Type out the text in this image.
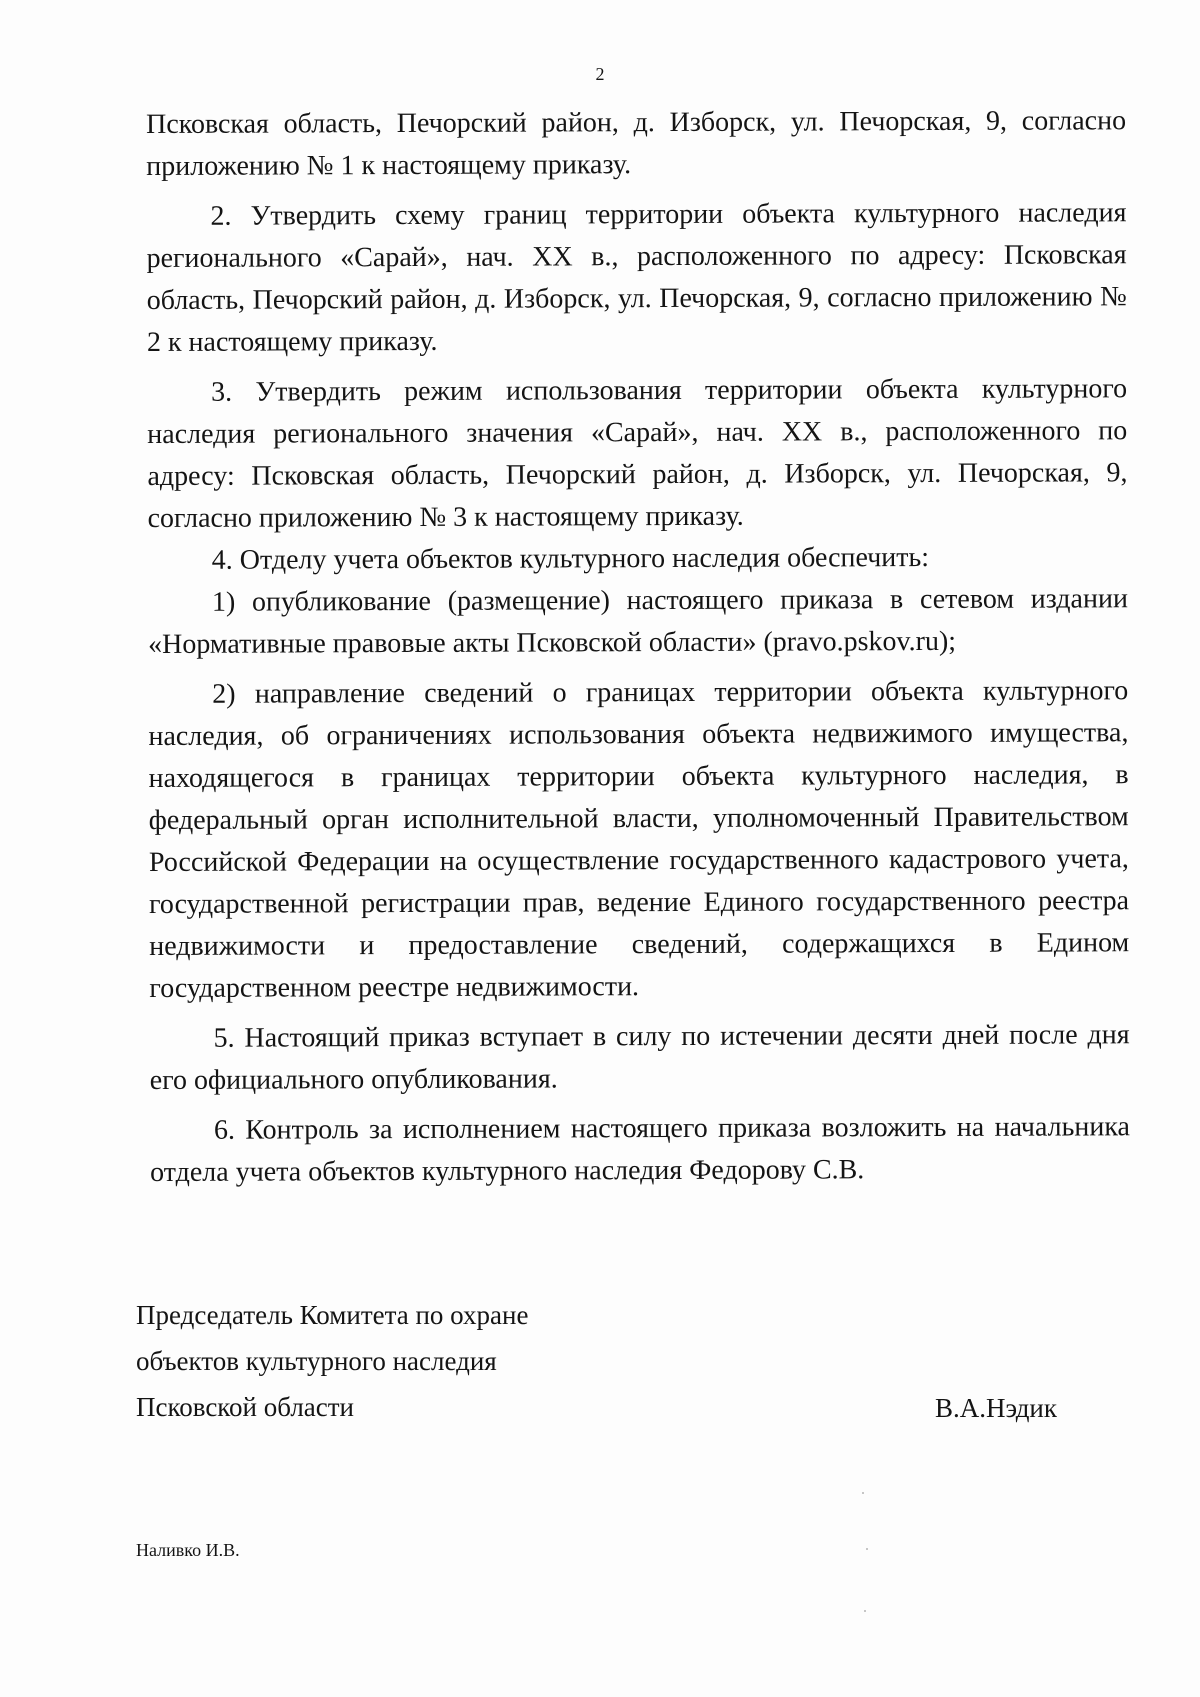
2

Псковская область, Печорский район, д. Изборск, ул. Печорская, 9, согласно приложению № 1 к настоящему приказу.

2. Утвердить схему границ территории объекта культурного наследия регионального «Сарай», нач. XX в., расположенного по адресу: Псковская область, Печорский район, д. Изборск, ул. Печорская, 9, согласно приложению № 2 к настоящему приказу.

3. Утвердить режим использования территории объекта культурного наследия регионального значения «Сарай», нач. XX в., расположенного по адресу: Псковская область, Печорский район, д. Изборск, ул. Печорская, 9, согласно приложению № 3 к настоящему приказу.

4. Отделу учета объектов культурного наследия обеспечить:

1) опубликование (размещение) настоящего приказа в сетевом издании «Нормативные правовые акты Псковской области» (pravo.pskov.ru);

2) направление сведений о границах территории объекта культурного наследия, об ограничениях использования объекта недвижимого имущества, находящегося в границах территории объекта культурного наследия, в федеральный орган исполнительной власти, уполномоченный Правительством Российской Федерации на осуществление государственного кадастрового учета, государственной регистрации прав, ведение Единого государственного реестра недвижимости и предоставление сведений, содержащихся в Едином государственном реестре недвижимости.

5. Настоящий приказ вступает в силу по истечении десяти дней после дня его официального опубликования.

6. Контроль за исполнением настоящего приказа возложить на начальника отдела учета объектов культурного наследия Федорову С.В.

Председатель Комитета по охране
объектов культурного наследия
Псковской области	В.А.Нэдик
Наливко И.В.
